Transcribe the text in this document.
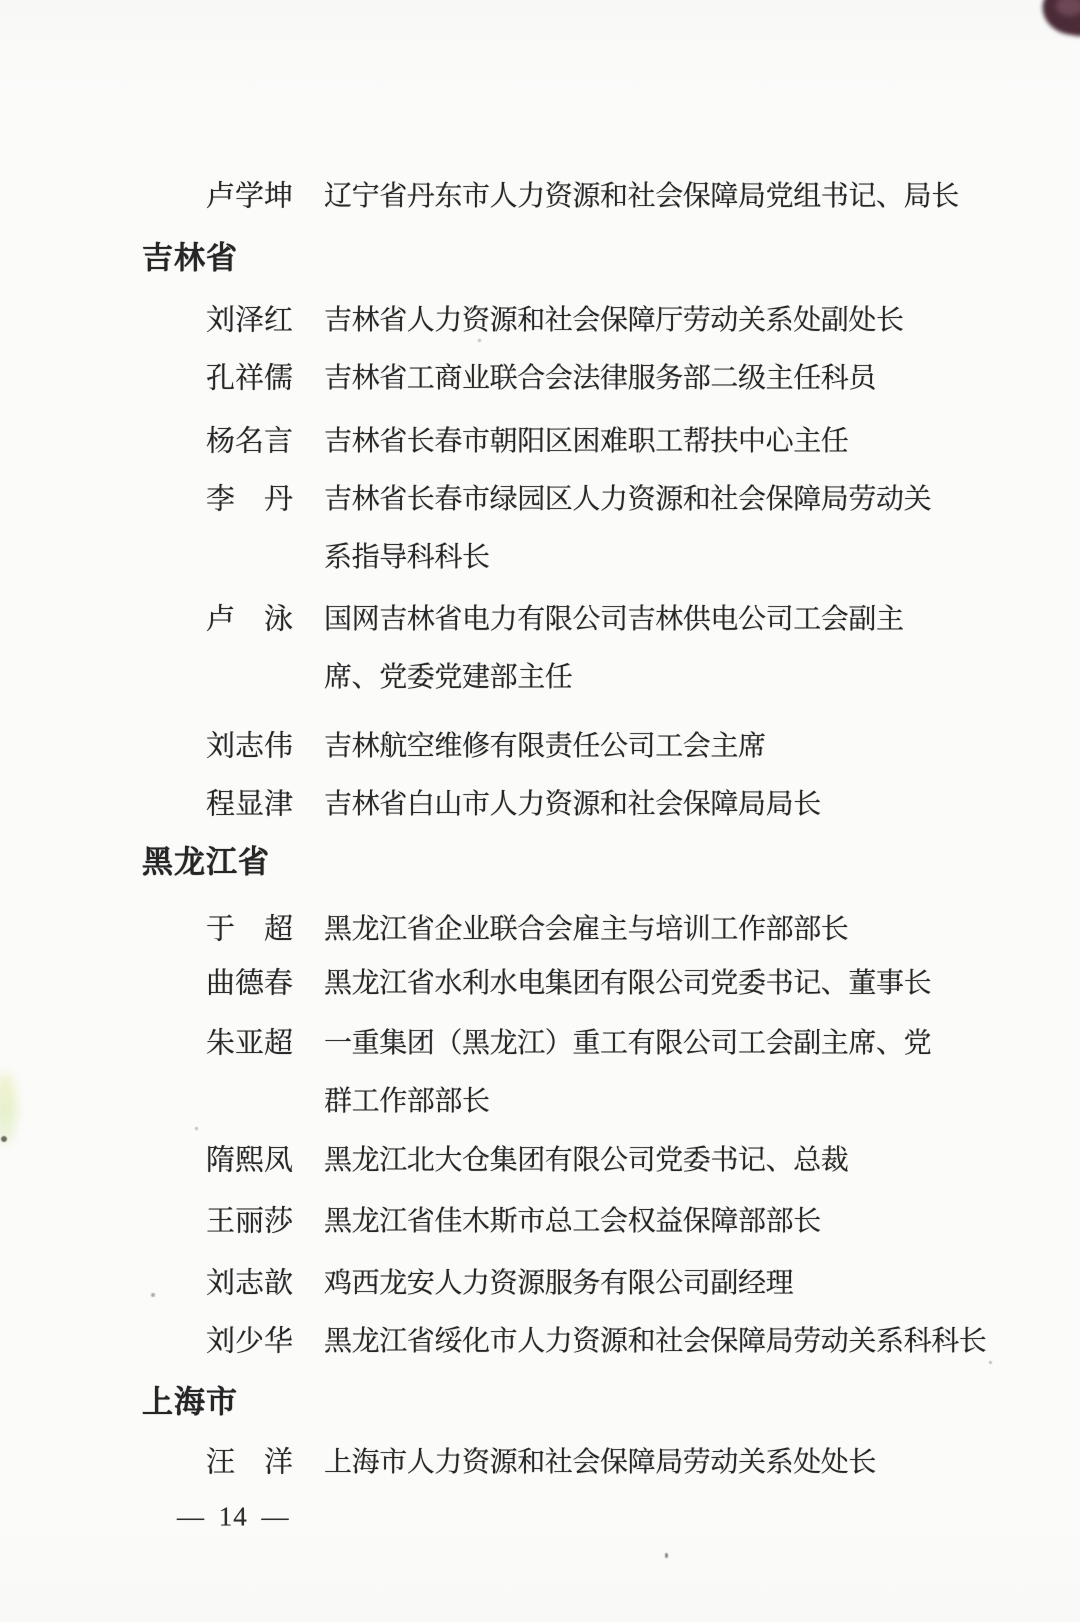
卢学坤 辽宁省丹东市人力资源和社会保障局党组书记、局长
吉林省
刘泽红 吉林省人力资源和社会保障厅劳动关系处副处长
孔祥儒 吉林省工商业联合会法律服务部二级主任科员
杨名言 吉林省长春市朝阳区困难职工帮扶中心主任
李　丹 吉林省长春市绿园区人力资源和社会保障局劳动关
系指导科科长
卢　泳 国网吉林省电力有限公司吉林供电公司工会副主
席、党委党建部主任
刘志伟 吉林航空维修有限责任公司工会主席
程显津 吉林省白山市人力资源和社会保障局局长
黑龙江省
于　超 黑龙江省企业联合会雇主与培训工作部部长
曲德春 黑龙江省水利水电集团有限公司党委书记、董事长
朱亚超 一重集团（黑龙江）重工有限公司工会副主席、党
群工作部部长
隋熙凤 黑龙江北大仓集团有限公司党委书记、总裁
王丽莎 黑龙江省佳木斯市总工会权益保障部部长
刘志歆 鸡西龙安人力资源服务有限公司副经理
刘少华 黑龙江省绥化市人力资源和社会保障局劳动关系科科长
上海市
汪　洋 上海市人力资源和社会保障局劳动关系处处长
— 14 —
